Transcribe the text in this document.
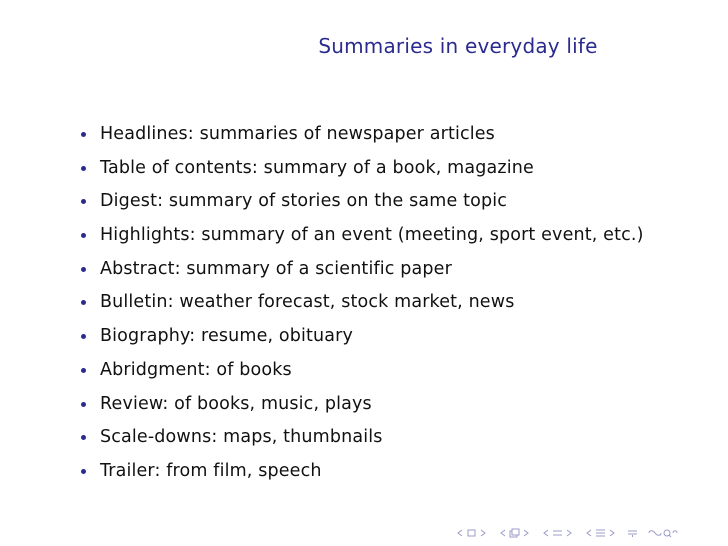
Summaries in everyday life
Headlines: summaries of newspaper articles
Table of contents: summary of a book, magazine
Digest: summary of stories on the same topic
Highlights: summary of an event (meeting, sport event, etc.)
Abstract: summary of a scientific paper
Bulletin: weather forecast, stock market, news
Biography: resume, obituary
Abridgment: of books
Review: of books, music, plays
Scale-downs: maps, thumbnails
Trailer: from film, speech
